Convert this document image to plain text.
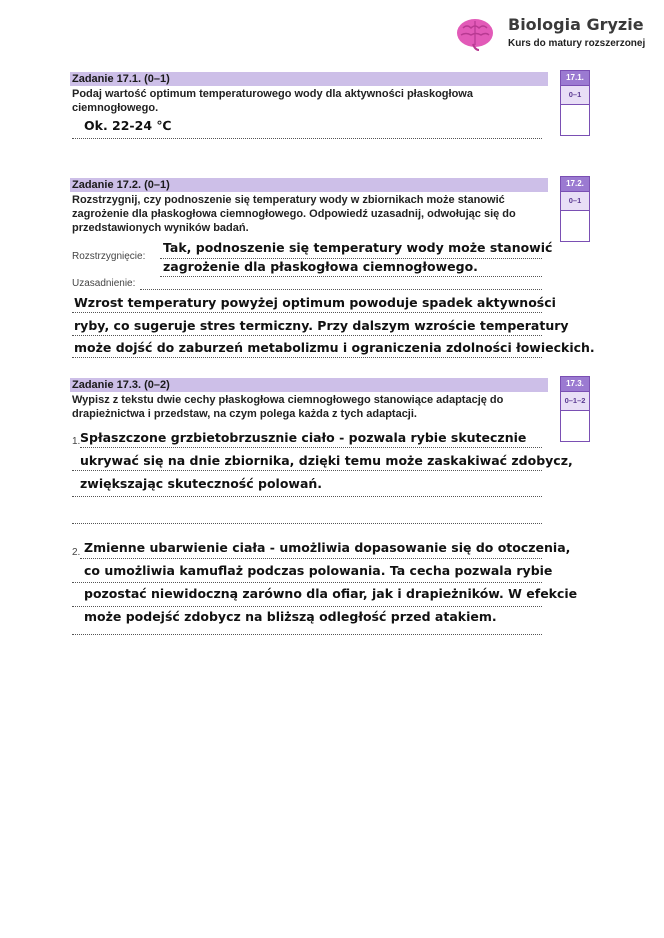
Biologia Gryzie
Kurs do matury rozszerzonej
Zadanie 17.1. (0–1)
Podaj wartość optimum temperaturowego wody dla aktywności płaskogłowa ciemnogłowego.
Ok. 22-24 ℃
17.1.
0–1
Zadanie 17.2. (0–1)
Rozstrzygnij, czy podnoszenie się temperatury wody w zbiornikach może stanowić zagrożenie dla płaskogłowa ciemnogłowego. Odpowiedź uzasadnij, odwołując się do przedstawionych wyników badań.
Rozstrzygnięcie:
Tak, podnoszenie się temperatury wody może stanowić
zagrożenie dla płaskogłowa ciemnogłowego.
Uzasadnienie:
Wzrost temperatury powyżej optimum powoduje spadek aktywności
ryby, co sugeruje stres termiczny. Przy dalszym wzroście temperatury
może dojść do zaburzeń metabolizmu i ograniczenia zdolności łowieckich.
17.2.
0–1
Zadanie 17.3. (0–2)
Wypisz z tekstu dwie cechy płaskogłowa ciemnogłowego stanowiące adaptację do drapieżnictwa i przedstaw, na czym polega każda z tych adaptacji.
1. Spłaszczone grzbietobrzusznie ciało - pozwala rybie skutecznie
ukrywać się na dnie zbiornika, dzięki temu może zaskakiwać zdobycz,
zwiększając skuteczność polowań.
2. Zmienne ubarwienie ciała - umożliwia dopasowanie się do otoczenia,
co umożliwia kamuflaż podczas polowania. Ta cecha pozwala rybie
pozostać niewidoczną zarówno dla ofiar, jak i drapieżników. W efekcie
może podejść zdobycz na bliższą odległość przed atakiem.
17.3.
0–1–2
